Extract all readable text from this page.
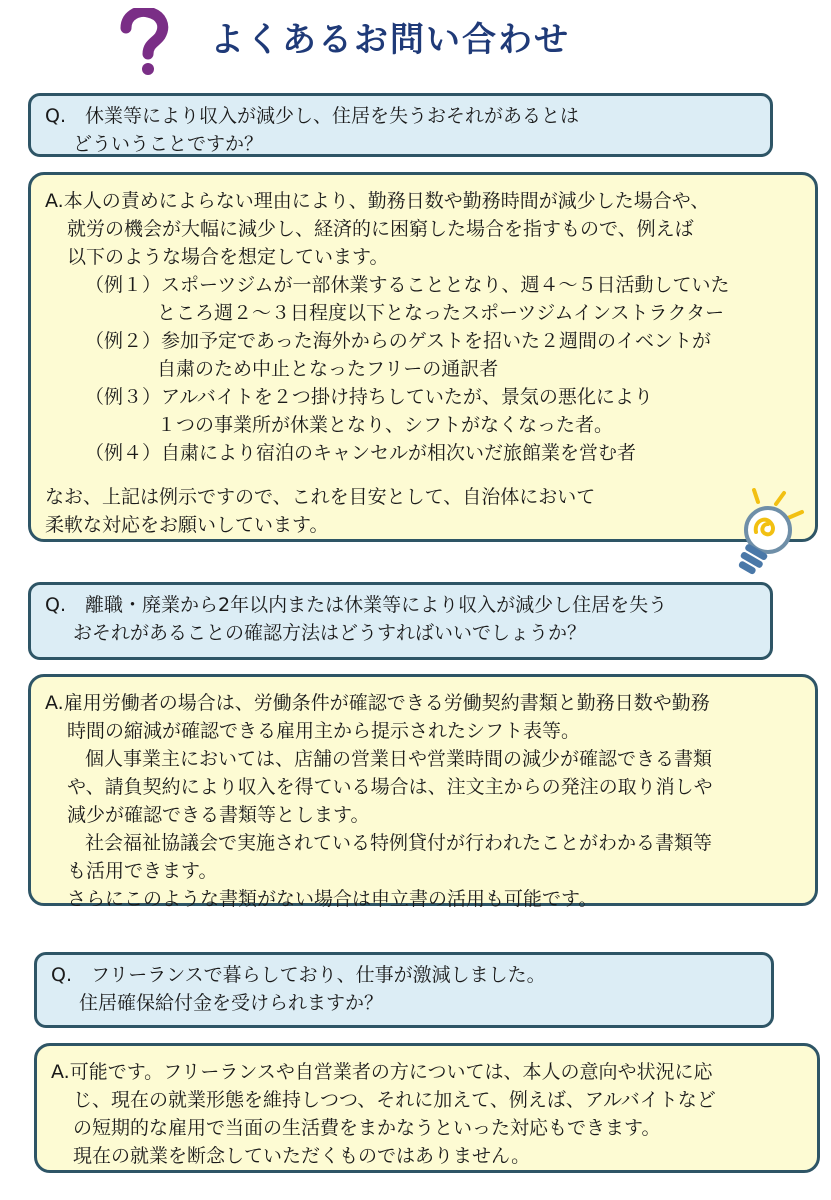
よくあるお問い合わせ
Q.　休業等により収入が減少し、住居を失うおそれがあるとは
どういうことですか？
A.本人の責めによらない理由により、勤務日数や勤務時間が減少した場合や、
就労の機会が大幅に減少し、経済的に困窮した場合を指すもので、例えば
以下のような場合を想定しています。
（例１）スポーツジムが一部休業することとなり、週４～５日活動していた
ところ週２～３日程度以下となったスポーツジムインストラクター
（例２）参加予定であった海外からのゲストを招いた２週間のイベントが
自粛のため中止となったフリーの通訳者
（例３）アルバイトを２つ掛け持ちしていたが、景気の悪化により
１つの事業所が休業となり、シフトがなくなった者。
（例４）自粛により宿泊のキャンセルが相次いだ旅館業を営む者
なお、上記は例示ですので、これを目安として、自治体において
柔軟な対応をお願いしています。
Q.　離職・廃業から2年以内または休業等により収入が減少し住居を失う
おそれがあることの確認方法はどうすればいいでしょうか？
A.雇用労働者の場合は、労働条件が確認できる労働契約書類と勤務日数や勤務
時間の縮減が確認できる雇用主から提示されたシフト表等。
個人事業主においては、店舗の営業日や営業時間の減少が確認できる書類
や、請負契約により収入を得ている場合は、注文主からの発注の取り消しや
減少が確認できる書類等とします。
社会福祉協議会で実施されている特例貸付が行われたことがわかる書類等
も活用できます。
さらにこのような書類がない場合は申立書の活用も可能です。
Q.　フリーランスで暮らしており、仕事が激減しました。
住居確保給付金を受けられますか？
A.可能です。フリーランスや自営業者の方については、本人の意向や状況に応
じ、現在の就業形態を維持しつつ、それに加えて、例えば、アルバイトなど
の短期的な雇用で当面の生活費をまかなうといった対応もできます。
現在の就業を断念していただくものではありません。
